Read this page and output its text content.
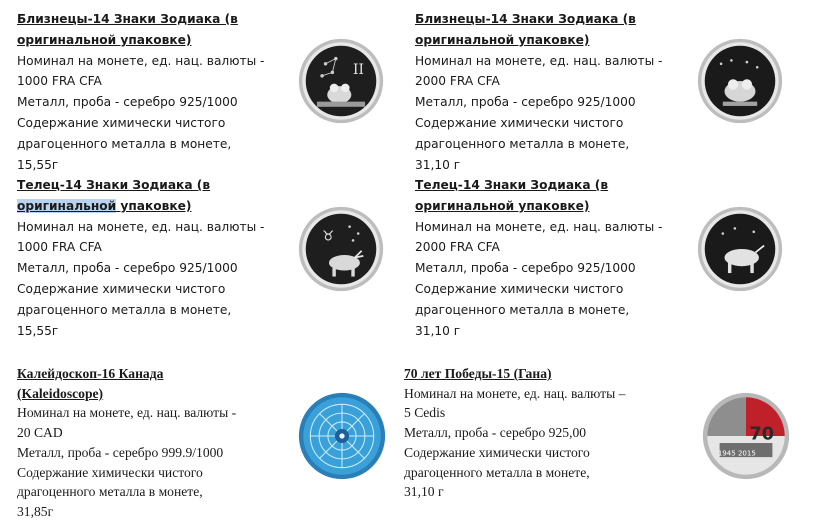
Близнецы-14 Знаки Зодиака (в
оригинальной упаковке)
Номинал на монете, ед. нац. валюты -
1000 FRA CFA
Металл, проба - серебро 925/1000
Содержание химически чистого
драгоценного металла в монете,
15,55г
II
Близнецы-14 Знаки Зодиака (в
оригинальной упаковке)
Номинал на монете, ед. нац. валюты -
2000 FRA CFA
Металл, проба - серебро 925/1000
Содержание химически чистого
драгоценного металла в монете,
31,10 г
Телец-14 Знаки Зодиака (в
оригинальной упаковке)
Номинал на монете, ед. нац. валюты -
1000 FRA CFA
Металл, проба - серебро 925/1000
Содержание химически чистого
драгоценного металла в монете,
15,55г
♉
Телец-14 Знаки Зодиака (в
оригинальной упаковке)
Номинал на монете, ед. нац. валюты -
2000 FRA CFA
Металл, проба - серебро 925/1000
Содержание химически чистого
драгоценного металла в монете,
31,10 г
Калейдоскоп-16 Канада
(Kaleidoscope)
Номинал на монете, ед. нац. валюты -
20 CAD
Металл, проба - серебро 999.9/1000
Содержание химически чистого
драгоценного металла в монете,
31,85г
70 лет Победы-15 (Гана)
Номинал на монете, ед. нац. валюты –
5 Cedis
Металл, проба - серебро 925,00
Содержание химически чистого
драгоценного металла в монете,
31,10 г
70
1945 2015
